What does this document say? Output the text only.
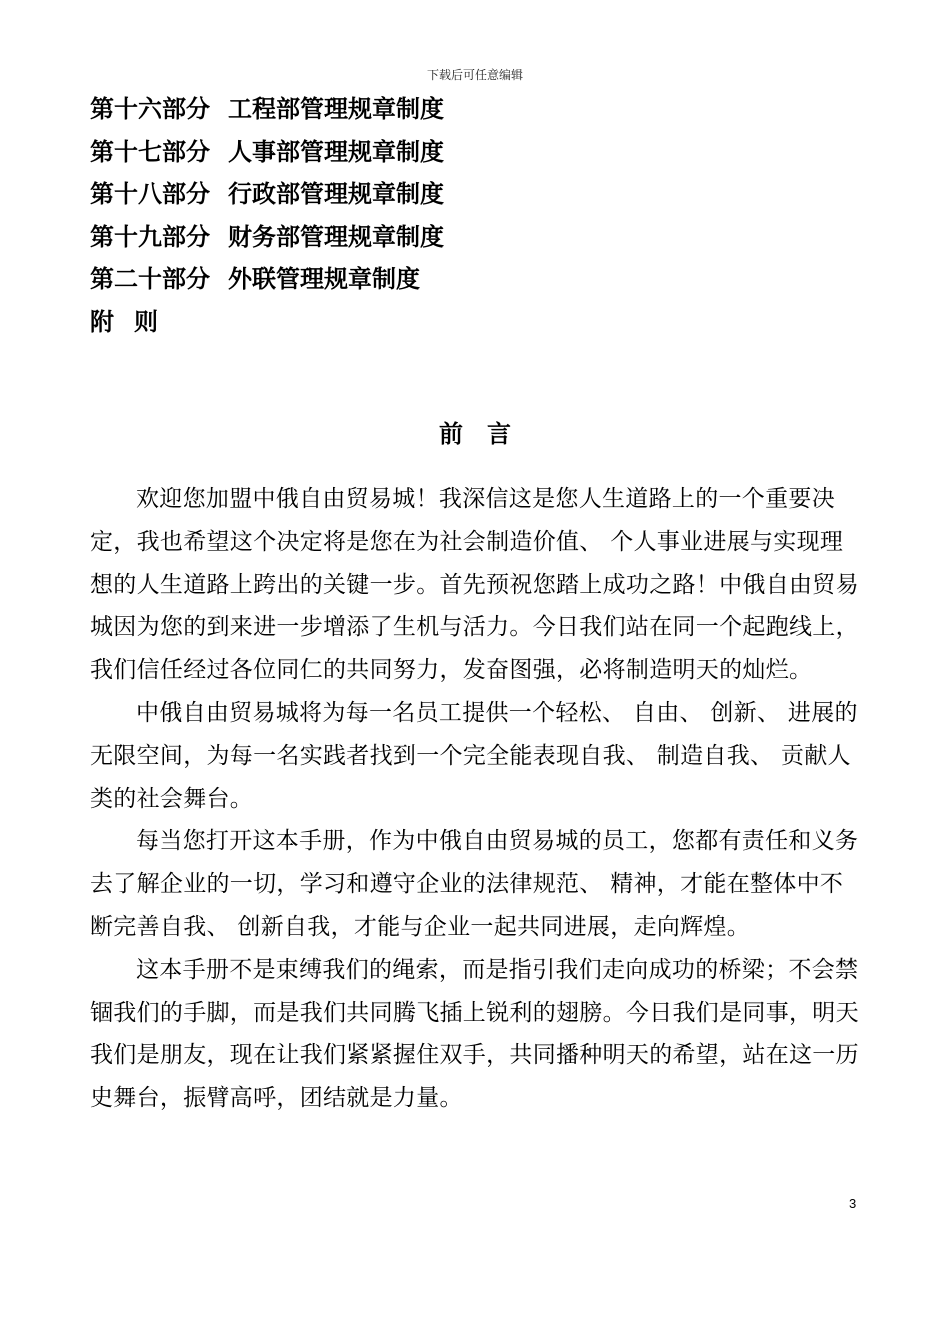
下载后可任意编辑
第十六部分 工程部管理规章制度
第十七部分 人事部管理规章制度
第十八部分 行政部管理规章制度
第十九部分 财务部管理规章制度
第二十部分 外联管理规章制度
附则
前言

欢迎您加盟中俄自由贸易城！我深信这是您人生道路上的一个重要决定，我也希望这个决定将是您在为社会制造价值、 个人事业进展与实现理想的人生道路上跨出的关键一步。首先预祝您踏上成功之路！中俄自由贸易城因为您的到来进一步增添了生机与活力。今日我们站在同一个起跑线上，我们信任经过各位同仁的共同努力，发奋图强，必将制造明天的灿烂。

中俄自由贸易城将为每一名员工提供一个轻松、 自由、 创新、 进展的无限空间，为每一名实践者找到一个完全能表现自我、 制造自我、 贡献人类的社会舞台。

每当您打开这本手册，作为中俄自由贸易城的员工，您都有责任和义务去了解企业的一切，学习和遵守企业的法律规范、 精神，才能在整体中不断完善自我、 创新自我，才能与企业一起共同进展，走向辉煌。

这本手册不是束缚我们的绳索，而是指引我们走向成功的桥梁；不会禁锢我们的手脚，而是我们共同腾飞插上锐利的翅膀。今日我们是同事，明天我们是朋友，现在让我们紧紧握住双手，共同播种明天的希望，站在这一历史舞台，振臂高呼，团结就是力量。

3
